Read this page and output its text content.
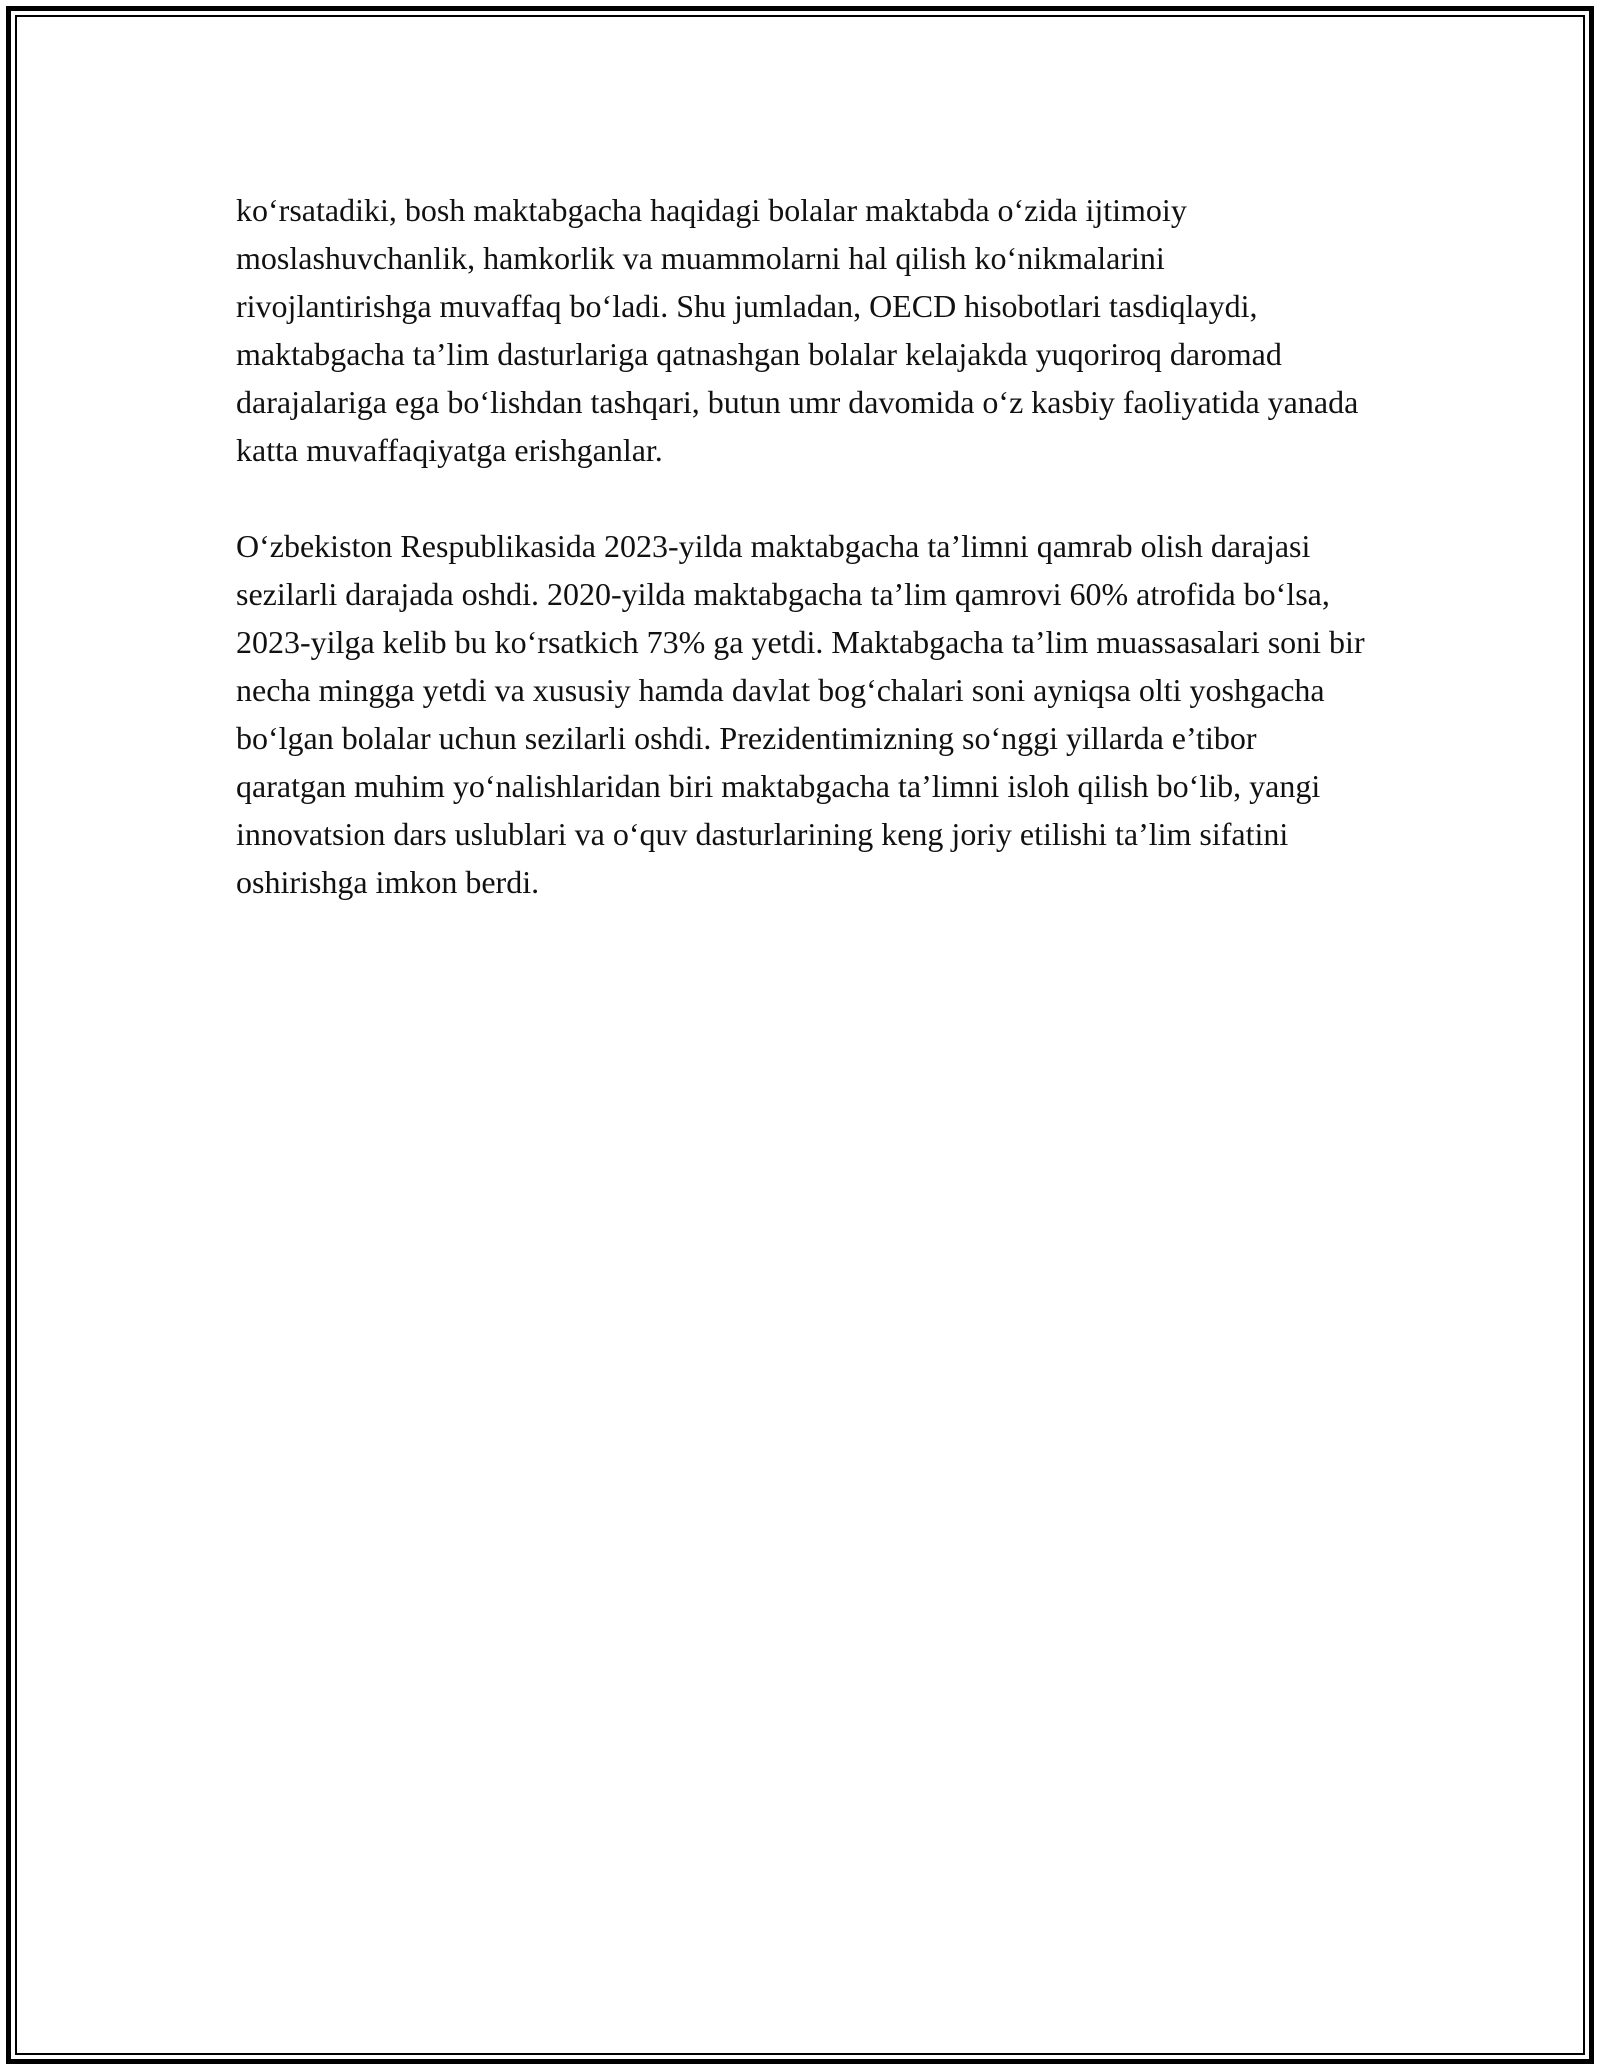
ko‘rsatadiki, bosh maktabgacha haqidagi bolalar maktabda o‘zida ijtimoiy moslashuvchanlik, hamkorlik va muammolarni hal qilish ko‘nikmalarini rivojlantirishga muvaffaq bo‘ladi. Shu jumladan, OECD hisobotlari tasdiqlaydi, maktabgacha ta’lim dasturlariga qatnashgan bolalar kelajakda yuqoriroq daromad darajalariga ega bo‘lishdan tashqari, butun umr davomida o‘z kasbiy faoliyatida yanada katta muvaffaqiyatga erishganlar.

O‘zbekiston Respublikasida 2023-yilda maktabgacha ta’limni qamrab olish darajasi sezilarli darajada oshdi. 2020-yilda maktabgacha ta’lim qamrovi 60% atrofida bo‘lsa, 2023-yilga kelib bu ko‘rsatkich 73% ga yetdi. Maktabgacha ta’lim muassasalari soni bir necha mingga yetdi va xususiy hamda davlat bog‘chalari soni ayniqsa olti yoshgacha bo‘lgan bolalar uchun sezilarli oshdi. Prezidentimizning so‘nggi yillarda e’tibor qaratgan muhim yo‘nalishlaridan biri maktabgacha ta’limni isloh qilish bo‘lib, yangi innovatsion dars uslublari va o‘quv dasturlarining keng joriy etilishi ta’lim sifatini oshirishga imkon berdi.
